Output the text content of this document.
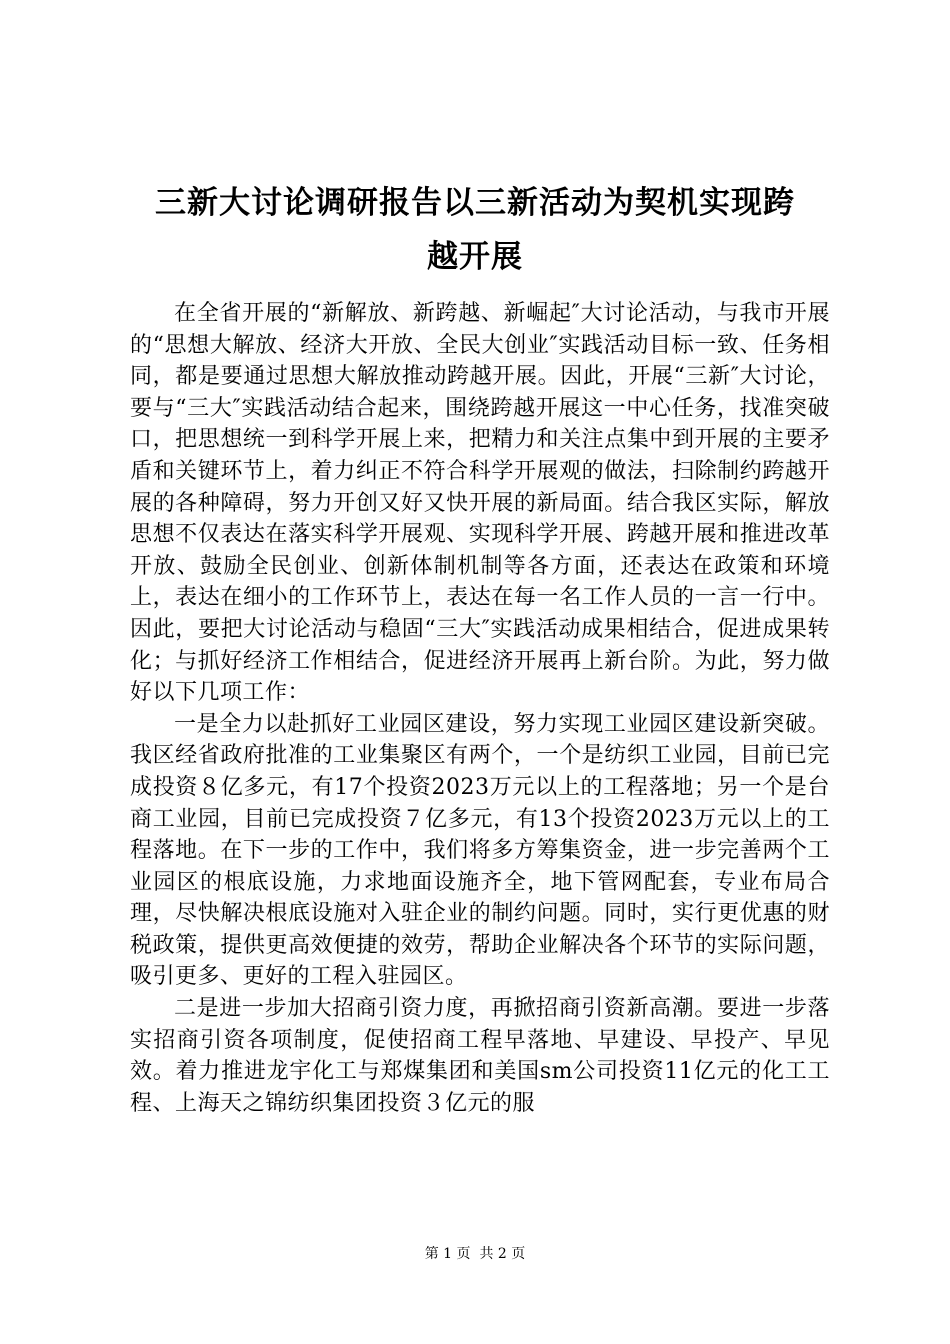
三新大讨论调研报告以三新活动为契机实现跨
越开展

在全省开展的“新解放、新跨越、新崛起″大讨论活动，与我市开展的“思想大解放、经济大开放、全民大创业″实践活动目标一致、任务相同，都是要通过思想大解放推动跨越开展。因此，开展“三新″大讨论，要与“三大″实践活动结合起来，围绕跨越开展这一中心任务，找准突破口，把思想统一到科学开展上来，把精力和关注点集中到开展的主要矛盾和关键环节上，着力纠正不符合科学开展观的做法，扫除制约跨越开展的各种障碍，努力开创又好又快开展的新局面。结合我区实际，解放思想不仅表达在落实科学开展观、实现科学开展、跨越开展和推进改革开放、鼓励全民创业、创新体制机制等各方面，还表达在政策和环境上，表达在细小的工作环节上，表达在每一名工作人员的一言一行中。因此，要把大讨论活动与稳固“三大″实践活动成果相结合，促进成果转化；与抓好经济工作相结合，促进经济开展再上新台阶。为此，努力做好以下几项工作：

一是全力以赴抓好工业园区建设，努力实现工业园区建设新突破。我区经省政府批准的工业集聚区有两个，一个是纺织工业园，目前已完成投资８亿多元，有17个投资2023万元以上的工程落地；另一个是台商工业园，目前已完成投资７亿多元，有13个投资2023万元以上的工程落地。在下一步的工作中，我们将多方筹集资金，进一步完善两个工业园区的根底设施，力求地面设施齐全，地下管网配套，专业布局合理，尽快解决根底设施对入驻企业的制约问题。同时，实行更优惠的财税政策，提供更高效便捷的效劳，帮助企业解决各个环节的实际问题，吸引更多、更好的工程入驻园区。

二是进一步加大招商引资力度，再掀招商引资新高潮。要进一步落实招商引资各项制度，促使招商工程早落地、早建设、早投产、早见效。着力推进龙宇化工与郑煤集团和美国sm公司投资11亿元的化工工程、上海天之锦纺织集团投资３亿元的服

第 1 页  共 2 页
